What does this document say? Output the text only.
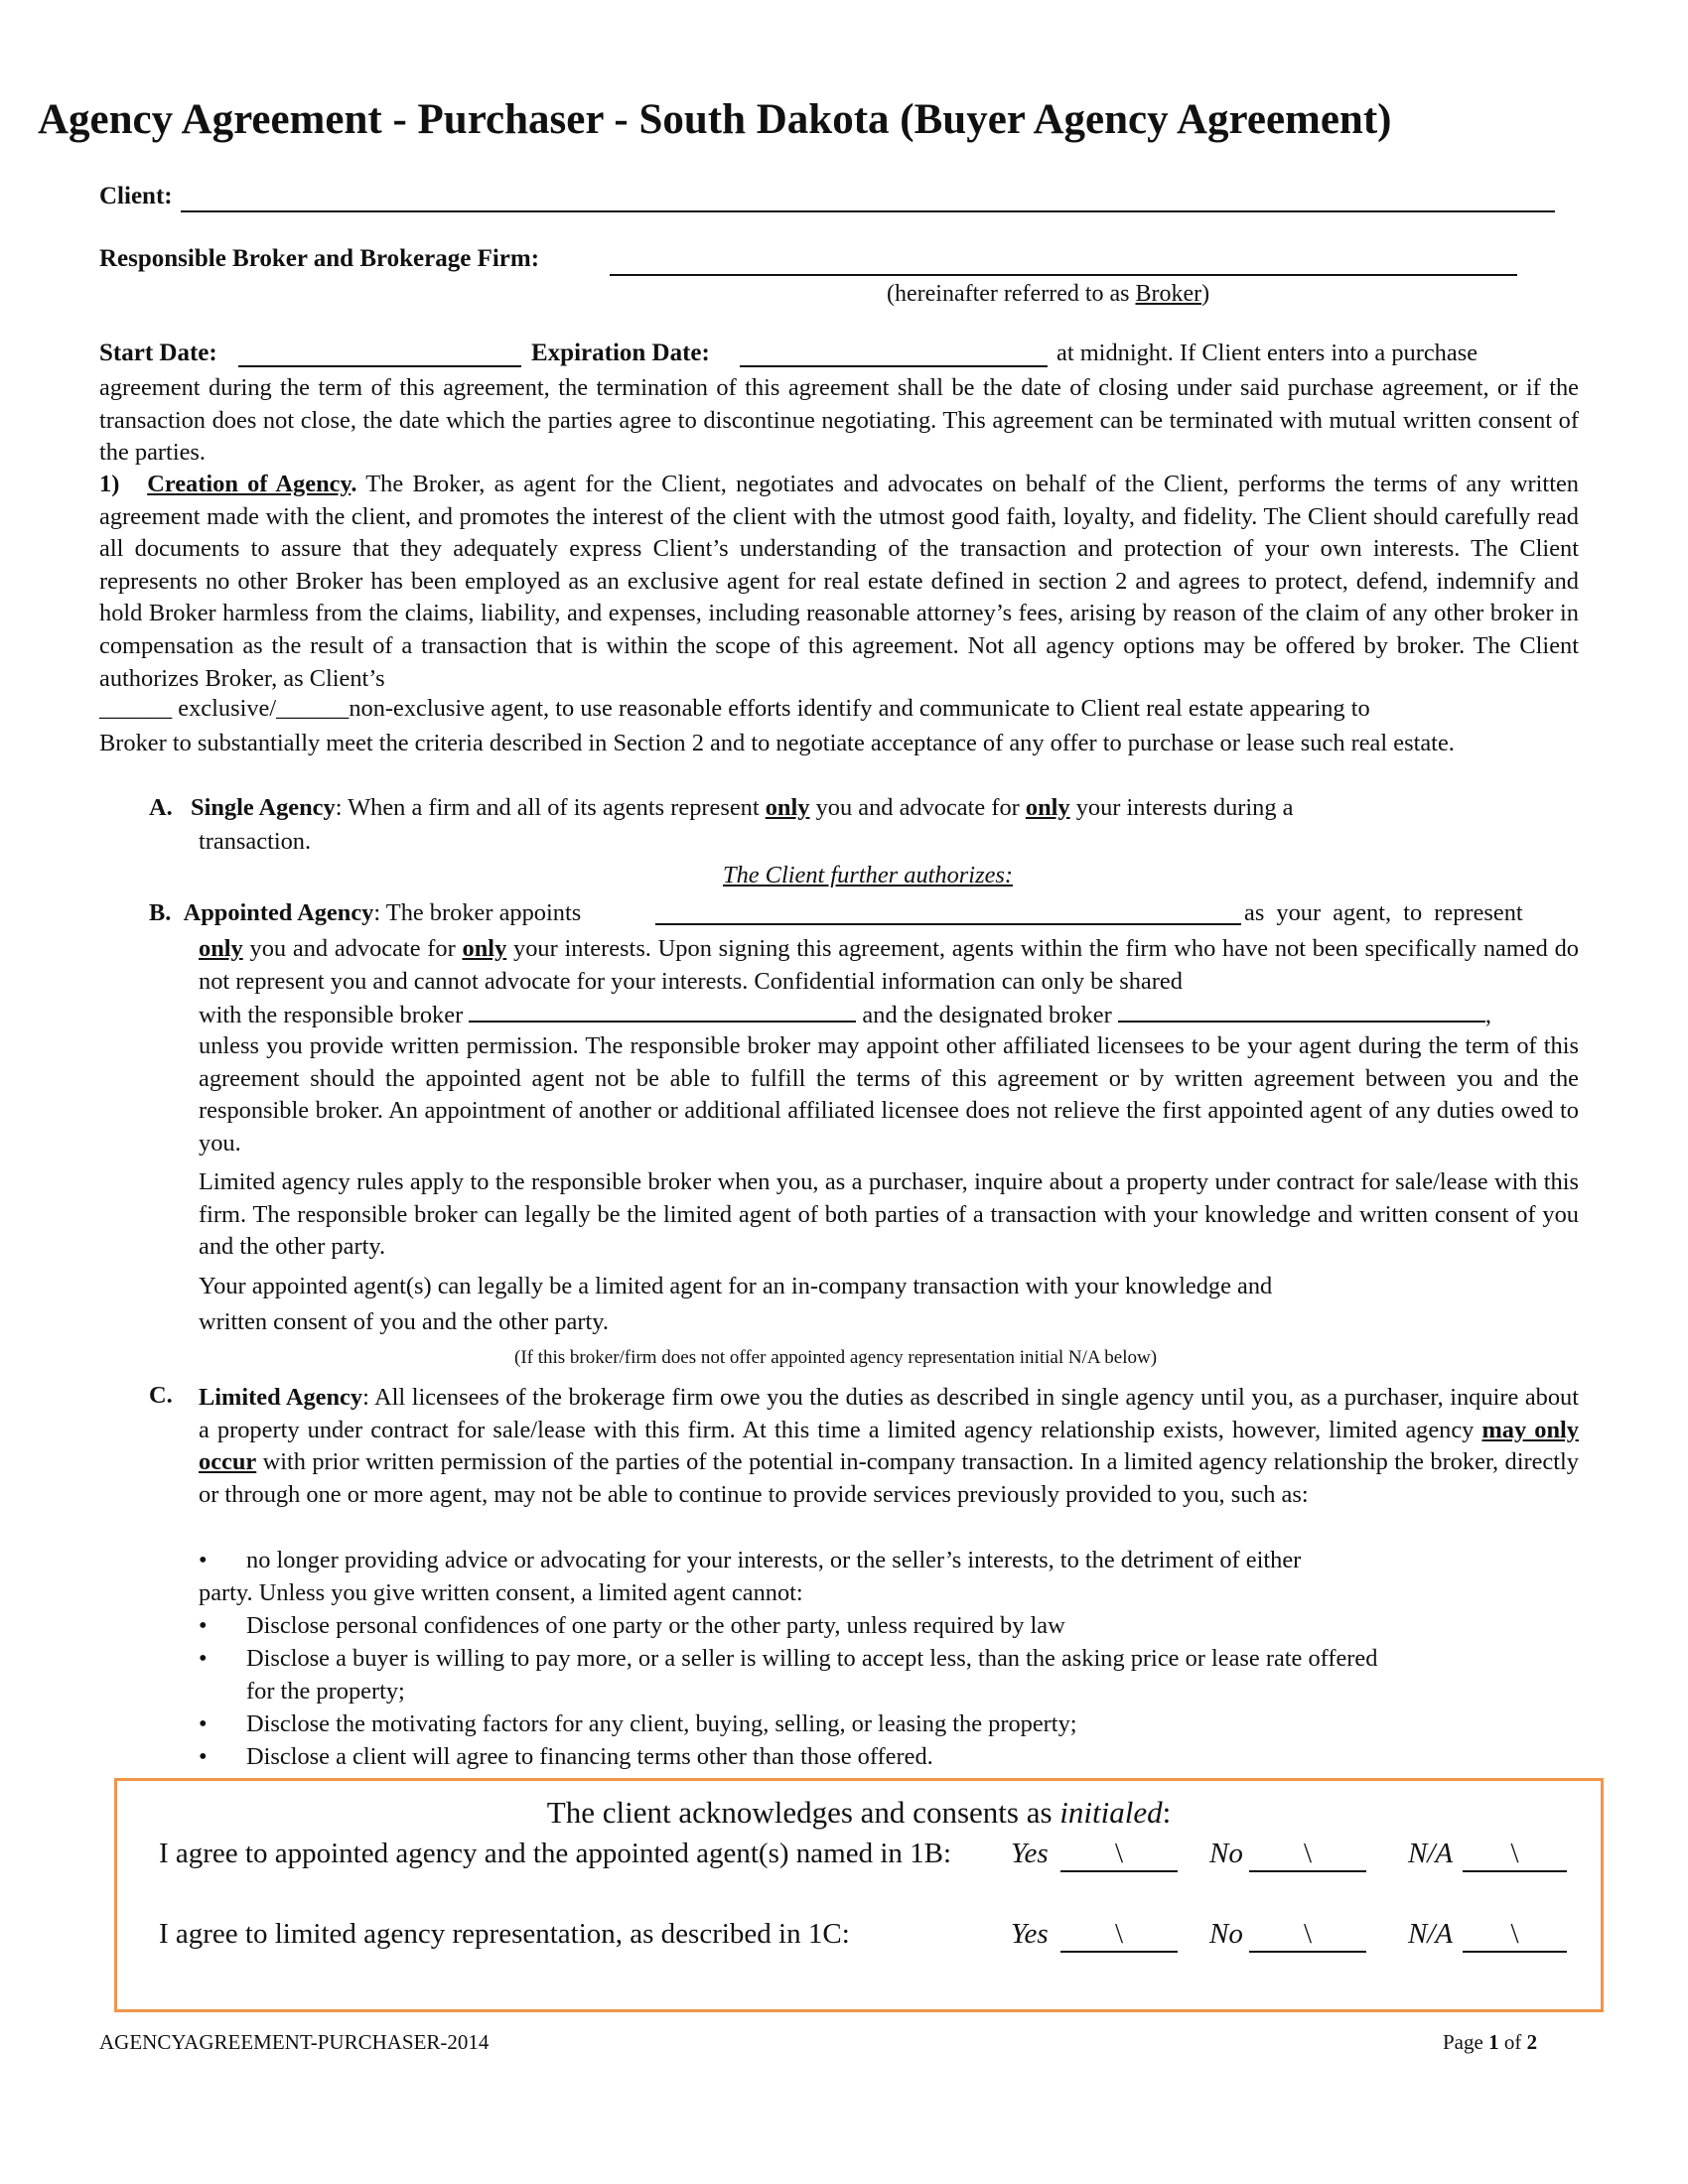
Agency Agreement - Purchaser - South Dakota (Buyer Agency Agreement)
Client:
Responsible Broker and Brokerage Firm:
(hereinafter referred to as Broker)
Start Date:	Expiration Date:	at midnight. If Client enters into a purchase
agreement during the term of this agreement, the termination of this agreement shall be the date of closing under said purchase agreement, or if the transaction does not close, the date which the parties agree to discontinue negotiating. This agreement can be terminated with mutual written consent of the parties.
1) Creation of Agency. The Broker, as agent for the Client, negotiates and advocates on behalf of the Client, performs the terms of any written agreement made with the client, and promotes the interest of the client with the utmost good faith, loyalty, and fidelity. The Client should carefully read all documents to assure that they adequately express Client’s understanding of the transaction and protection of your own interests. The Client represents no other Broker has been employed as an exclusive agent for real estate defined in section 2 and agrees to protect, defend, indemnify and hold Broker harmless from the claims, liability, and expenses, including reasonable attorney’s fees, arising by reason of the claim of any other broker in compensation as the result of a transaction that is within the scope of this agreement. Not all agency options may be offered by broker. The Client authorizes Broker, as Client’s
______ exclusive/______non-exclusive agent, to use reasonable efforts identify and communicate to Client real estate appearing to
Broker to substantially meet the criteria described in Section 2 and to negotiate acceptance of any offer to purchase or lease such real estate.
A. Single Agency: When a firm and all of its agents represent only you and advocate for only your interests during a
transaction.
The Client further authorizes:
B. Appointed Agency: The broker appoints	as your agent, to represent
only you and advocate for only your interests. Upon signing this agreement, agents within the firm who have not been specifically named do not represent you and cannot advocate for your interests. Confidential information can only be shared
with the responsible broker	and the designated broker	,
unless you provide written permission. The responsible broker may appoint other affiliated licensees to be your agent during the term of this agreement should the appointed agent not be able to fulfill the terms of this agreement or by written agreement between you and the responsible broker. An appointment of another or additional affiliated licensee does not relieve the first appointed agent of any duties owed to you.
Limited agency rules apply to the responsible broker when you, as a purchaser, inquire about a property under contract for sale/lease with this firm. The responsible broker can legally be the limited agent of both parties of a transaction with your knowledge and written consent of you and the other party.
Your appointed agent(s) can legally be a limited agent for an in-company transaction with your knowledge and
written consent of you and the other party.
(If this broker/firm does not offer appointed agency representation initial N/A below)
C. Limited Agency: All licensees of the brokerage firm owe you the duties as described in single agency until you, as a purchaser, inquire about a property under contract for sale/lease with this firm. At this time a limited agency relationship exists, however, limited agency may only occur with prior written permission of the parties of the potential in-company transaction. In a limited agency relationship the broker, directly or through one or more agent, may not be able to continue to provide services previously provided to you, such as:
• no longer providing advice or advocating for your interests, or the seller’s interests, to the detriment of either
party. Unless you give written consent, a limited agent cannot:
• Disclose personal confidences of one party or the other party, unless required by law
• Disclose a buyer is willing to pay more, or a seller is willing to accept less, than the asking price or lease rate offered
for the property;
• Disclose the motivating factors for any client, buying, selling, or leasing the property;
• Disclose a client will agree to financing terms other than those offered.
The client acknowledges and consents as initialed:
I agree to appointed agency and the appointed agent(s) named in 1B: Yes	\	No	\	N/A	\
I agree to limited agency representation, as described in 1C:	Yes	\	No	\	N/A	\
AGENCYAGREEMENT-PURCHASER-2014	Page 1 of 2
